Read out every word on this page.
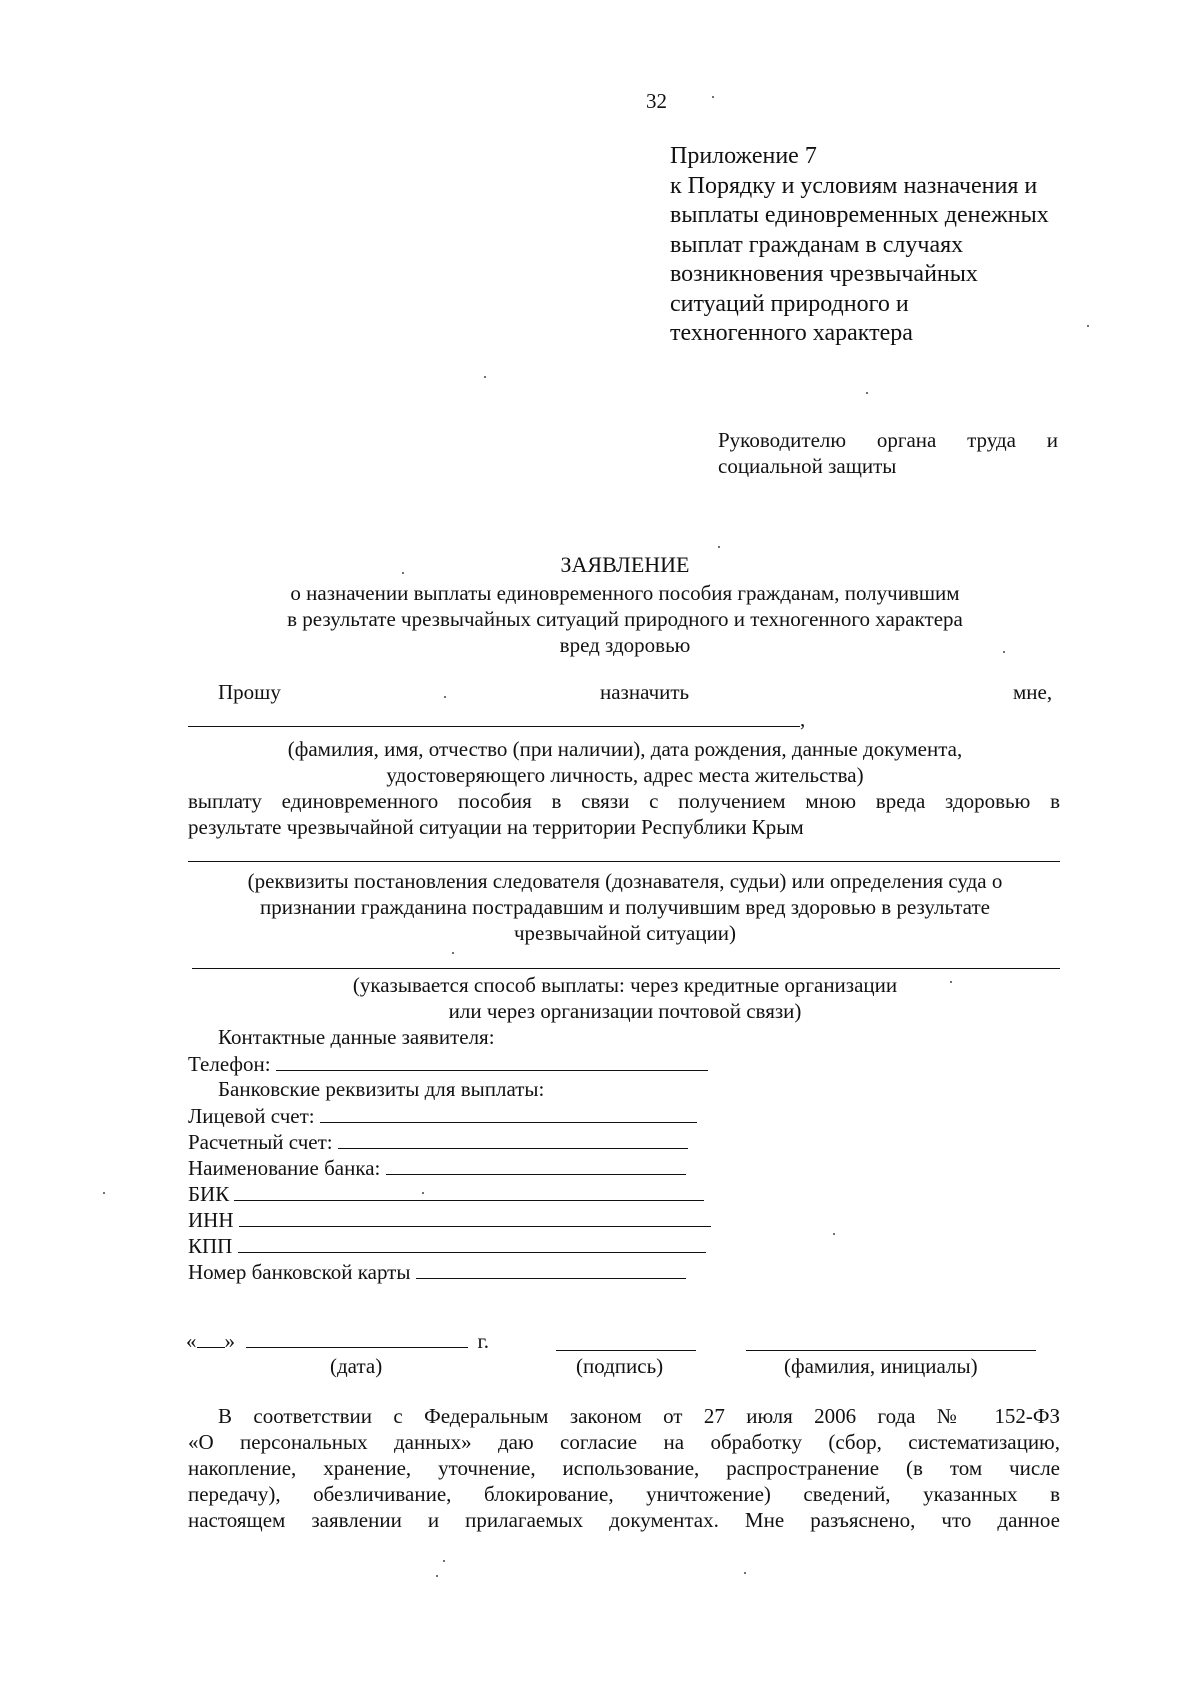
32
Приложение 7
к Порядку и условиям назначения и
выплаты единовременных денежных
выплат гражданам в случаях
возникновения чрезвычайных
ситуаций природного и
техногенного характера
Руководителю органа труда и
социальной защиты
ЗАЯВЛЕНИЕ
о назначении выплаты единовременного пособия гражданам, получившим
в результате чрезвычайных ситуаций природного и техногенного характера
вред здоровью
Прошу	назначить	мне,
,
(фамилия, имя, отчество (при наличии), дата рождения, данные документа,
удостоверяющего личность, адрес места жительства)
выплату единовременного пособия в связи с получением мною вреда здоровью в
результате чрезвычайной ситуации на территории Республики Крым
(реквизиты постановления следователя (дознавателя, судьи) или определения суда о
признании гражданина пострадавшим и получившим вред здоровью в результате
чрезвычайной ситуации)
(указывается способ выплаты: через кредитные организации
или через организации почтовой связи)
Контактные данные заявителя:
Телефон:
Банковские реквизиты для выплаты:
Лицевой счет:
Расчетный счет:
Наименование банка:
БИК
ИНН
КПП
Номер банковской карты
« »	г.
(дата)	(подпись)	(фамилия, инициалы)
В соответствии с Федеральным законом от 27 июля 2006 года № 152-ФЗ
«О персональных данных» даю согласие на обработку (сбор, систематизацию,
накопление, хранение, уточнение, использование, распространение (в том числе
передачу), обезличивание, блокирование, уничтожение) сведений, указанных в
настоящем заявлении и прилагаемых документах. Мне разъяснено, что данное
